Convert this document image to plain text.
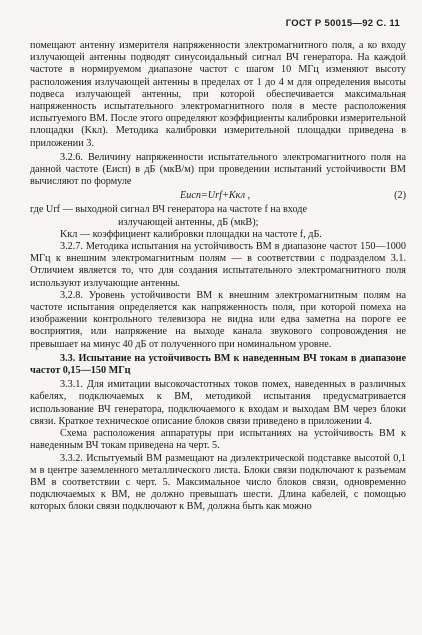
ГОСТ Р 50015—92 С. 11

помещают антенну измерителя напряженности электромагнитного поля, а ко входу излучающей антенны подводят синусоидальный сигнал ВЧ генератора. На каждой частоте в нормируемом диапазоне частот с шагом 10 МГц изменяют высоту расположения излучающей антенны в пределах от 1 до 4 м для определения высоты подвеса излучающей антенны, при которой обеспечивается максимальная напряженность испытательного электромагнитного поля в месте расположения испытуемого ВМ. После этого определяют коэффициенты калибровки измерительной площадки (Kкл). Методика калибровки измерительной площадки приведена в приложении 3.

3.2.6. Величину напряженности испытательного электромагнитного поля на данной частоте (Eисп) в дБ (мкВ/м) при проведении испытаний устойчивости ВМ вычисляют по формуле

Eисп=Urf+Kкл ,	(2)

где Urf — выходной сигнал ВЧ генератора на частоте f на входе
излучающей антенны, дБ (мкВ);

Kкл — коэффициент калибровки площадки на частоте f, дБ.

3.2.7. Методика испытания на устойчивость ВМ в диапазоне частот 150—1000 МГц к внешним электромагнитным полям — в соответствии с подразделом 3.1. Отличием является то, что для создания испытательного электромагнитного поля используют излучающие антенны.

3.2.8. Уровень устойчивости ВМ к внешним электромагнитным полям на частоте испытания определяется как напряженность поля, при которой помеха на изображении контрольного телевизора не видна или едва заметна на пороге ее восприятия, или напряжение на выходе канала звукового сопровождения не превышает на минус 40 дБ от полученного при номинальном уровне.

3.3. Испытание на устойчивость ВМ к наведенным ВЧ токам в диапазоне частот 0,15—150 МГц

3.3.1. Для имитации высокочастотных токов помех, наведенных в различных кабелях, подключаемых к ВМ, методикой испытания предусматривается использование ВЧ генератора, подключаемого к входам и выходам ВМ через блоки связи. Краткое техническое описание блоков связи приведено в приложении 4.

Схема расположения аппаратуры при испытаниях на устойчивость ВМ к наведенным ВЧ токам приведена на черт. 5.

3.3.2. Испытуемый ВМ размещают на диэлектрической подставке высотой 0,1 м в центре заземленного металлического листа. Блоки связи подключают к разъемам ВМ в соответствии с черт. 5. Максимальное число блоков связи, одновременно подключаемых к ВМ, не должно превышать шести. Длина кабелей, с помощью которых блоки связи подключают к ВМ, должна быть как можно
